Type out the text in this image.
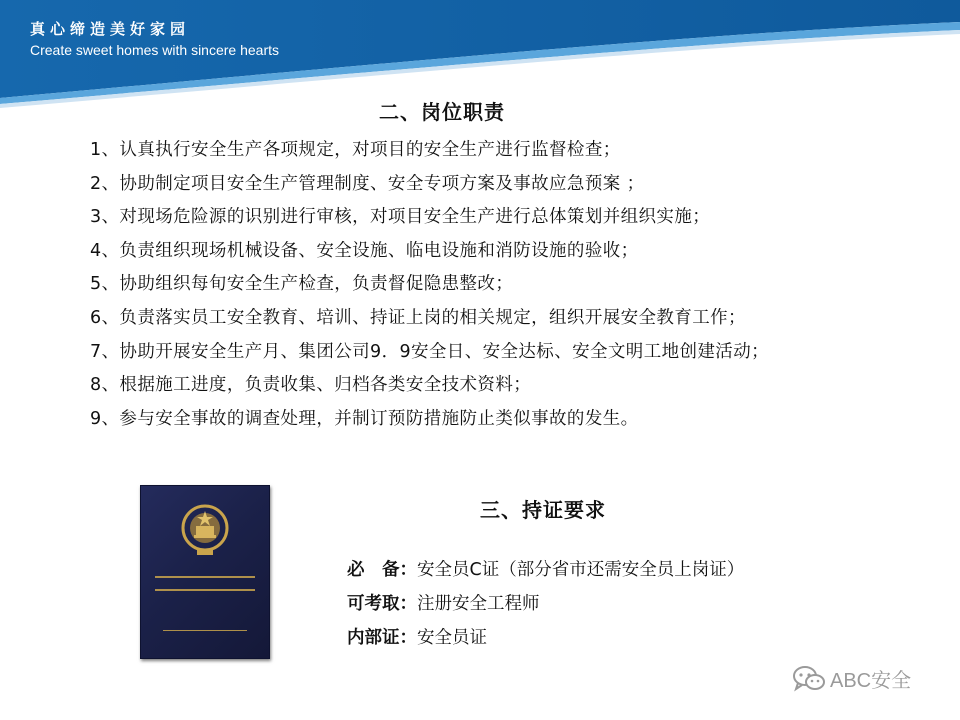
真心缔造美好家园
Create sweet homes with sincere hearts
二、岗位职责
1、认真执行安全生产各项规定，对项目的安全生产进行监督检查；
2、协助制定项目安全生产管理制度、安全专项方案及事故应急预案 ；
3、对现场危险源的识别进行审核，对项目安全生产进行总体策划并组织实施；
4、负责组织现场机械设备、安全设施、临电设施和消防设施的验收；
5、协助组织每旬安全生产检查，负责督促隐患整改；
6、负责落实员工安全教育、培训、持证上岗的相关规定，组织开展安全教育工作；
7、协助开展安全生产月、集团公司9．9安全日、安全达标、安全文明工地创建活动；
8、根据施工进度，负责收集、归档各类安全技术资料；
9、参与安全事故的调查处理，并制订预防措施防止类似事故的发生。
三、持证要求
必　备：安全员C证（部分省市还需安全员上岗证）
可考取：注册安全工程师
内部证：安全员证
ABC安全
